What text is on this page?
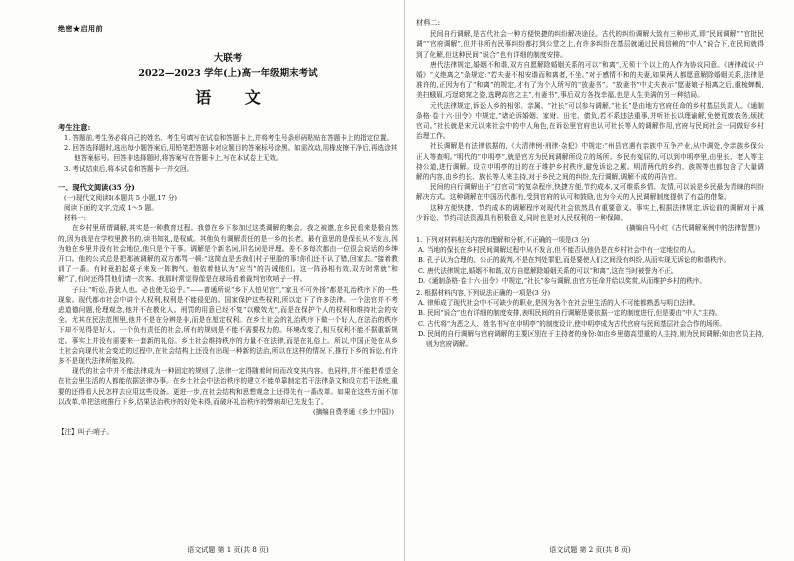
绝密★启用前
大联考
2022—2023 学年(上)高一年级期末考试
语 文
考生注意:
1. 答题前,考生务必将自己的姓名、考生号填写在试卷和答题卡上,并将考生号条形码粘贴在答题卡上的指定位置。
2. 回答选择题时,选出每小题答案后,用铅笔把答题卡对应题目的答案标号涂黑。如需改动,用橡皮擦干净后,再选涂其他答案标号。回答非选择题时,将答案写在答题卡上,写在本试卷上无效。
3. 考试结束后,将本试卷和答题卡一并交回。
一、现代文阅读(35 分)
(一)现代文阅读Ⅰ(本题共 5 小题,17 分)
阅读下面的文字,完成 1～5 题。
材料一:

在乡村里所谓调解,其实是一种教育过程。我曾在乡下参加过这类调解的集会。我之被邀,在乡民看来是极自然的,因为我是在学校里教书的,读书知礼,是权威。其他负有调解责任的是一乡的长老。最有意思的是保长从不发言,因为他在乡里并没有社会地位,他只是个干事。调解是个新名词,旧名词是评理。差不多每次都由一位很会说话的乡绅开口。他的公式总是把那被调解的双方都骂一顿:“这简直是丢我们村子里脸的事!你们还不认了错,回家去。”接着教训了一番。有时竟拍起桌子来发一阵脾气。他依着他认为“应当”的告诫他们。这一阵孙相有效,双方时常就“和解”了,有时还得罚他们请一次客。我那时常觉得像是在球场看着裁判官吹哨子一样。

子曰:“听讼,吾犹人也。必也使无讼乎。”——普通所说“乡下人怕见官”,“家丑不可外扬”都是礼治秩序下的一些现象。现代都市社会中讲个人权利,权利是不能侵犯的。国家保护这些权利,所以定下了许多法律。一个法官并不考虑道德问题,伦理观念,他并不在教化人。刑罚的用意已经不复“以儆效尤”,而是在保护个人的权利和维持社会的安全。尤其在民法范围里,他并不是在分辨是非,而是在厘定权利。在乡土社会的礼治秩序下做一个好人,在法治的秩序下却不见得是好人。一个负有责任的社会,所有的规则是不能不需要权力的。环境改变了,相互权利不能不据重新规定。事实上并没有需要来一套新的礼俗。乡土社会维持秩序的力量不在法律,而是在礼俗上。所以,中国正处在从乡土社会向现代社会变迁的过程中,在社会结构上还没有出现一种新的法治,所以在这样的情况下,推行下乡的诉讼,有许多不是现代法律所能及的。

现代的社会中并不能法律成为一种固定的规则了,法律一定得随着时间而改变其内容。也同样,并不能把希望全在社会里生活的人都能依据法律办事。在乡土社会中法治秩序的建立不能单靠制定若干法律条文和设立若干法庭,重要的还得看人民怎样去应用这些设备。更进一步,在社会结构和思想观念上还得先有一番改革。如果在这些方面不加以改革,单把法庭推行下乡,结果法治秩序的好处未得,而破坏礼治秩序的弊病却已先发生了。

(摘编自费孝通《乡土中国》)
【注】叫子:哨子。
语文试题 第 1 页(共 8 页)
材料二:

民间自行调解,是古代社会一种方便快捷的纠纷解决途径。古代的纠纷调解大致有三种形式,即“民间调解”“官批民调”“官府调解”,但并非所有民事纠纷都打到公堂之上,有许多纠纷在基层就通过民间信赖的“中人”说合下,在民间就得到了化解,但这种民间“说合”也有详细的制度安排。

唐代法律规定,婚姻不和谐,双方自愿解除婚姻关系的可以“和离”,无须十个以上的人作为协议同意。《唐律疏议·户婚》“义绝离之”条规定:“若夫妻不相安谐而和离者,不坐。”对于感情不和的夫妻,如果两人都愿意解除婚姻关系,法律是准许的,正因为有了“和离”的规定,才有了为个人所写的“放妻书”。“放妻书”中丈夫表示“愿妻娘子相离之后,重梳蝉鬓,美扫蛾眉,巧逞窈窕之姿,选聘高官之主”,有妻书”,事后双方各找幸福,也是人生美满的另一种结局。

元代法律规定,诉讼人乡的相邻、亲属、“社长”可以参与调解,“社长”是由地方官府任命的乡村基层负责人。《通制条格·卷十六·田令》中规定,“诸论诉婚姻、家财、田宅、债负,若不系违法重事,并听社长以理谕解,免使荒废农务,烦扰官司。”社长就是宋元以来社会中的中人角色,在诉讼里官府也认可社长等人的调解作用,官府与民间社会一同做好乡村治理工作。

社长调解是有法律依据的,《大清律例·刑律·杂犯》中规定:“州县官遇有亲族中互争产业,从中调处,令亲族乡保公正人等查明。”明代的“申明亭”,就是官方为民间调解所设立的场所。乡民有冤屈的,可以到申明亭里,由里长、老人等主持公道,进行调解。设立申明亭的目的在于维护乡村秩序,避免诉讼之累。明清两代的乡约、族规等也都包含了大量调解的内容,由乡约长、族长等人来主持,对于乡民之间的纠纷,先行调解,调解不成的再告官。

民间的自行调解出于“打官司”的复杂程序,快捷方便,节约成本,又可维系乡情、友情,可以说是乡民最为青睐的纠纷解决方式。这种调解在中国历代都有,受到官府的认可和鼓励,也为今天的人民调解制度提供了有益的借鉴。

这种方便快捷、节约成本的调解程序对现代社会依然具有重要意义。事实上,根据法律规定,诉讼前的调解对于减少诉讼、节约司法资源具有积极意义,同时也是对人民权利的一种保障。

(摘编自马小红《古代调解案例中的法律智慧》)
1. 下列对材料相关内容的理解和分析,不正确的一项是(3 分)
A. 当地的保长在乡村民间调解过程中从不发言,但不能否认他仍是在乡村社会中有一定地位的人。
B. 孔子认为合理的、公正的裁判,不是在判处罪犯,而是要使人们之间没有纠纷,从而实现无诉讼的和谐秩序。
C. 唐代法律规定,婚姻不和谐,双方自愿解除婚姻关系的可以“和离”,这在当时被誉为不正。
D.《通制条格·卷十六·田令》中规定,“社长”参与调解,由官方任命并给以奖赏,从而维护乡村的秩序。
2. 根据材料内容,下列说法正确的一项是(3 分)
A. 律师成了现代社会中不可缺少的职业,是因为各个在社会里生活的人不可能都熟悉与明白法律。
B. 民间“说合”也有详细的制度安排,表明民间的自行调解是要依据一定的制度进行,但是要由“中人”主持。
C. 古代将“为恶之人、姓名书写在申明亭”的制度设计,使申明亭成为古代官府与民间基层社会合作的场所。
D. 民间的自行调解与官府调解的主要区别在于主持者的身份:如由乡里德高望重的人主持,则为民间调解;如由官员主持,则为官府调解。
语文试题 第 2 页(共 8 页)
